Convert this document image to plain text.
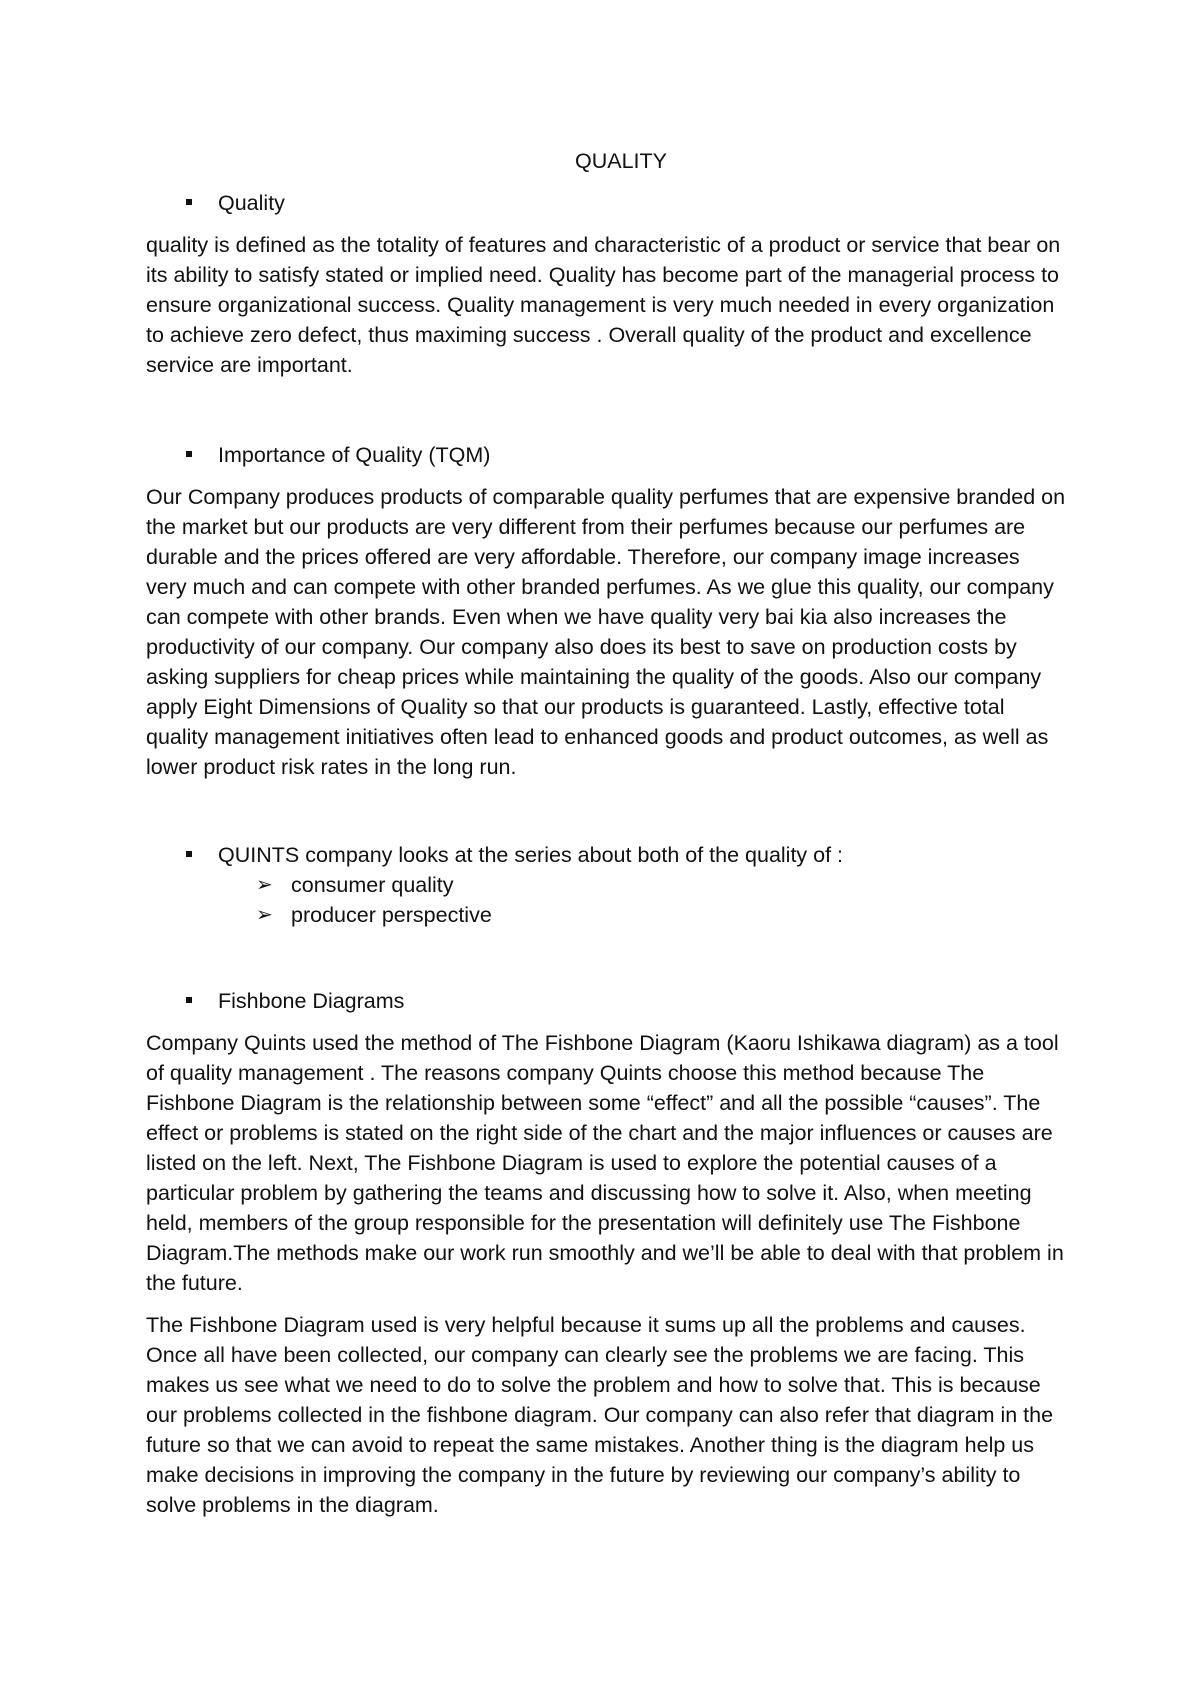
QUALITY
Quality

quality is defined as the totality of features and characteristic of a product or service that bear on its ability to satisfy stated or implied need. Quality has become part of the managerial process to ensure organizational success. Quality management is very much needed in every organization to achieve zero defect, thus maximing success . Overall quality of the product and excellence service are important.

Importance of Quality (TQM)

Our Company produces products of comparable quality perfumes that are expensive branded on the market but our products are very different from their perfumes because our perfumes are durable and the prices offered are very affordable. Therefore, our company image increases very much and can compete with other branded perfumes. As we glue this quality, our company can compete with other brands. Even when we have quality very bai kia also increases the productivity of our company. Our company also does its best to save on production costs by asking suppliers for cheap prices while maintaining the quality of the goods. Also our company apply Eight Dimensions of Quality so that our products is guaranteed. Lastly, effective total quality management initiatives often lead to enhanced goods and product outcomes, as well as lower product risk rates in the long run.

QUINTS company looks at the series about both of the quality of :
➢ consumer quality
➢ producer perspective
Fishbone Diagrams

Company Quints used the method of The Fishbone Diagram (Kaoru Ishikawa diagram) as a tool of quality management . The reasons company Quints choose this method because The Fishbone Diagram is the relationship between some “effect” and all the possible “causes”. The effect or problems is stated on the right side of the chart and the major influences or causes are listed on the left. Next, The Fishbone Diagram is used to explore the potential causes of a particular problem by gathering the teams and discussing how to solve it. Also, when meeting held, members of the group responsible for the presentation will definitely use The Fishbone Diagram.The methods make our work run smoothly and we’ll be able to deal with that problem in the future.

The Fishbone Diagram used is very helpful because it sums up all the problems and causes. Once all have been collected, our company can clearly see the problems we are facing. This makes us see what we need to do to solve the problem and how to solve that. This is because our problems collected in the fishbone diagram. Our company can also refer that diagram in the future so that we can avoid to repeat the same mistakes. Another thing is the diagram help us make decisions in improving the company in the future by reviewing our company’s ability to solve problems in the diagram.
